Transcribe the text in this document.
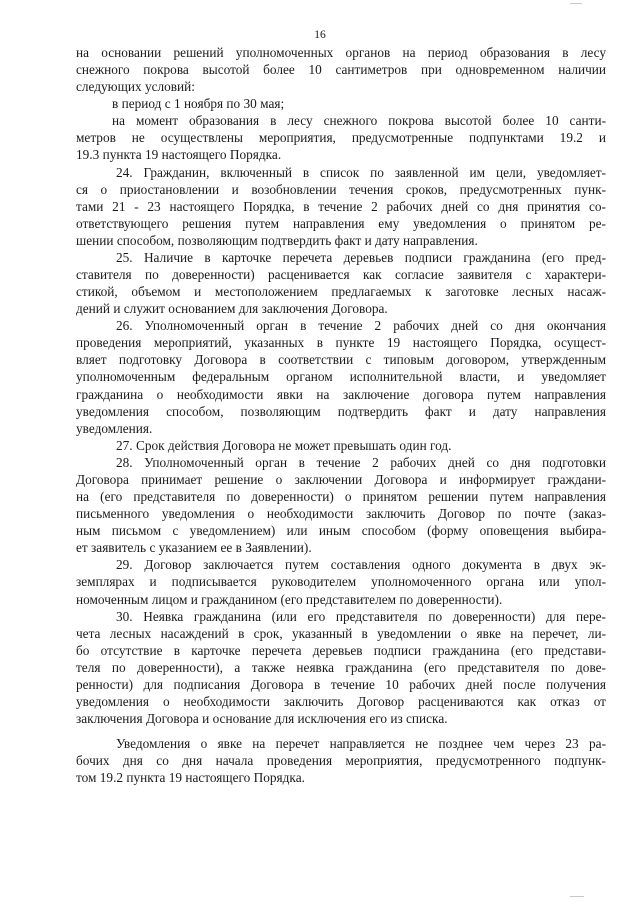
16
на основании решений уполномоченных органов на период образования в лесу
снежного покрова высотой более 10 сантиметров при одновременном наличии
следующих условий:
в период с 1 ноября по 30 мая;
на момент образования в лесу снежного покрова высотой более 10 санти-
метров не осуществлены мероприятия, предусмотренные подпунктами 19.2 и
19.3 пункта 19 настоящего Порядка.
24. Гражданин, включенный в список по заявленной им цели, уведомляет-
ся о приостановлении и возобновлении течения сроков, предусмотренных пунк-
тами 21 - 23 настоящего Порядка, в течение 2 рабочих дней со дня принятия со-
ответствующего решения путем направления ему уведомления о принятом ре-
шении способом, позволяющим подтвердить факт и дату направления.
25. Наличие в карточке перечета деревьев подписи гражданина (его пред-
ставителя по доверенности) расценивается как согласие заявителя с характери-
стикой, объемом и местоположением предлагаемых к заготовке лесных насаж-
дений и служит основанием для заключения Договора.
26. Уполномоченный орган в течение 2 рабочих дней со дня окончания
проведения мероприятий, указанных в пункте 19 настоящего Порядка, осущест-
вляет подготовку Договора в соответствии с типовым договором, утвержденным
уполномоченным федеральным органом исполнительной власти, и уведомляет
гражданина о необходимости явки на заключение договора путем направления
уведомления способом, позволяющим подтвердить факт и дату направления
уведомления.
27. Срок действия Договора не может превышать один год.
28. Уполномоченный орган в течение 2 рабочих дней со дня подготовки
Договора принимает решение о заключении Договора и информирует граждани-
на (его представителя по доверенности) о принятом решении путем направления
письменного уведомления о необходимости заключить Договор по почте (заказ-
ным письмом с уведомлением) или иным способом (форму оповещения выбира-
ет заявитель с указанием ее в Заявлении).
29. Договор заключается путем составления одного документа в двух эк-
земплярах и подписывается руководителем уполномоченного органа или упол-
номоченным лицом и гражданином (его представителем по доверенности).
30. Неявка гражданина (или его представителя по доверенности) для пере-
чета лесных насаждений в срок, указанный в уведомлении о явке на перечет, ли-
бо отсутствие в карточке перечета деревьев подписи гражданина (его представи-
теля по доверенности), а также неявка гражданина (его представителя по дове-
ренности) для подписания Договора в течение 10 рабочих дней после получения
уведомления о необходимости заключить Договор расцениваются как отказ от
заключения Договора и основание для исключения его из списка.
Уведомления о явке на перечет направляется не позднее чем через 23 ра-
бочих дня со дня начала проведения мероприятия, предусмотренного подпунк-
том 19.2 пункта 19 настоящего Порядка.
